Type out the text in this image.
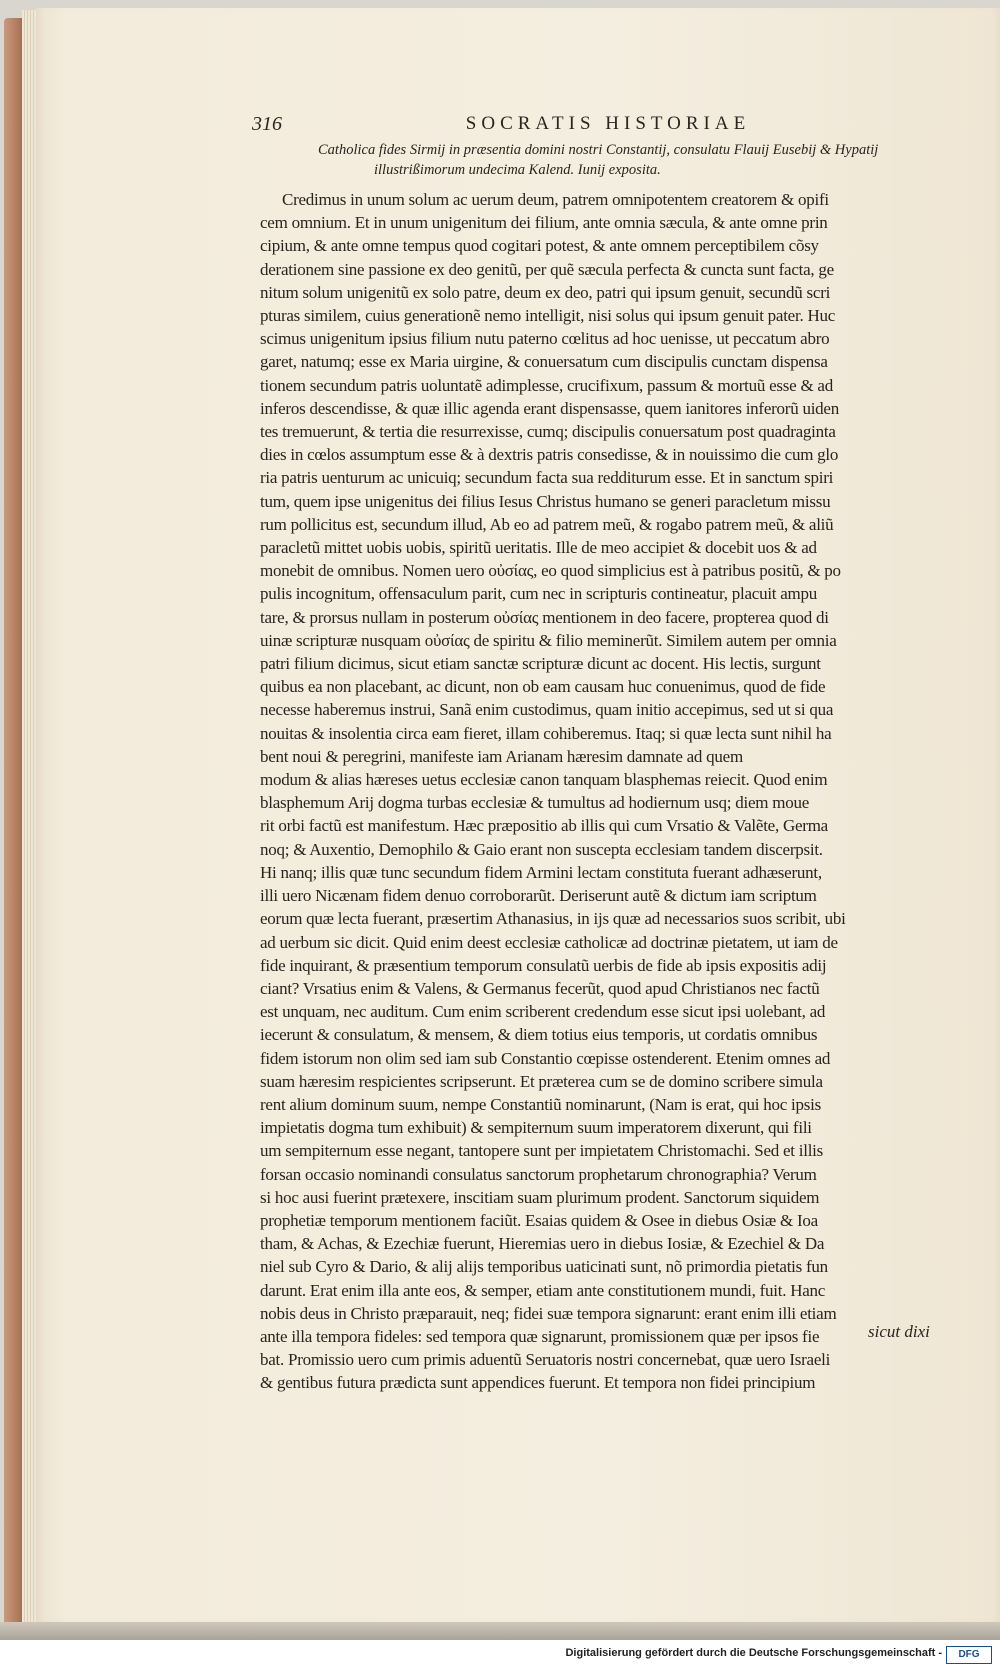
316	SOCRATIS HISTORIAE
Catholica fides Sirmij in præsentia domini nostri Constantij, consulatu Flauij Eusebij & Hypatij
illustrißimorum undecima Kalend. Iunij exposita.
Credimus in unum solum ac uerum deum, patrem omnipotentem creatorem & opifi
cem omnium. Et in unum unigenitum dei filium, ante omnia sæcula, & ante omne prin
cipium, & ante omne tempus quod cogitari potest, & ante omnem perceptibilem cõsy
derationem sine passione ex deo genitũ, per quẽ sæcula perfecta & cuncta sunt facta, ge
nitum solum unigenitũ ex solo patre, deum ex deo, patri qui ipsum genuit, secundũ scri
pturas similem, cuius generationẽ nemo intelligit, nisi solus qui ipsum genuit pater. Huc
scimus unigenitum ipsius filium nutu paterno cœlitus ad hoc uenisse, ut peccatum abro
garet, natumq; esse ex Maria uirgine, & conuersatum cum discipulis cunctam dispensa
tionem secundum patris uoluntatẽ adimplesse, crucifixum, passum & mortuũ esse & ad
inferos descendisse, & quæ illic agenda erant dispensasse, quem ianitores inferorũ uiden
tes tremuerunt, & tertia die resurrexisse, cumq; discipulis conuersatum post quadraginta
dies in cœlos assumptum esse & à dextris patris consedisse, & in nouissimo die cum glo
ria patris uenturum ac unicuiq; secundum facta sua redditurum esse. Et in sanctum spiri
tum, quem ipse unigenitus dei filius Iesus Christus humano se generi paracletum missu
rum pollicitus est, secundum illud, Ab eo ad patrem meũ, & rogabo patrem meũ, & aliũ
paracletũ mittet uobis uobis, spiritũ ueritatis. Ille de meo accipiet & docebit uos & ad
monebit de omnibus. Nomen uero οὐσίας, eo quod simplicius est à patribus positũ, & po
pulis incognitum, offensaculum parit, cum nec in scripturis contineatur, placuit ampu
tare, & prorsus nullam in posterum οὐσίας mentionem in deo facere, propterea quod di
uinæ scripturæ nusquam οὐσίας de spiritu & filio meminerũt. Similem autem per omnia
patri filium dicimus, sicut etiam sanctæ scripturæ dicunt ac docent. His lectis, surgunt
quibus ea non placebant, ac dicunt, non ob eam causam huc conuenimus, quod de fide
necesse haberemus instrui, Sanã enim custodimus, quam initio accepimus, sed ut si qua
nouitas & insolentia circa eam fieret, illam cohiberemus. Itaq; si quæ lecta sunt nihil ha
bent noui & peregrini, manifeste iam Arianam hæresim damnate ad quem
modum & alias hæreses uetus ecclesiæ canon tanquam blasphemas reiecit. Quod enim
blasphemum Arij dogma turbas ecclesiæ & tumultus ad hodiernum usq; diem moue
rit orbi factũ est manifestum. Hæc præpositio ab illis qui cum Vrsatio & Valẽte, Germa
noq; & Auxentio, Demophilo & Gaio erant non suscepta ecclesiam tandem discerpsit.
Hi nanq; illis quæ tunc secundum fidem Armini lectam constituta fuerant adhæserunt,
illi uero Nicænam fidem denuo corroborarũt. Deriserunt autẽ & dictum iam scriptum
eorum quæ lecta fuerant, præsertim Athanasius, in ijs quæ ad necessarios suos scribit, ubi
ad uerbum sic dicit. Quid enim deest ecclesiæ catholicæ ad doctrinæ pietatem, ut iam de
fide inquirant, & præsentium temporum consulatũ uerbis de fide ab ipsis expositis adij
ciant? Vrsatius enim & Valens, & Germanus fecerũt, quod apud Christianos nec factũ
est unquam, nec auditum. Cum enim scriberent credendum esse sicut ipsi uolebant, ad
iecerunt & consulatum, & mensem, & diem totius eius temporis, ut cordatis omnibus
fidem istorum non olim sed iam sub Constantio cœpisse ostenderent. Etenim omnes ad
suam hæresim respicientes scripserunt. Et præterea cum se de domino scribere simula
rent alium dominum suum, nempe Constantiũ nominarunt, (Nam is erat, qui hoc ipsis
impietatis dogma tum exhibuit) & sempiternum suum imperatorem dixerunt, qui fili
um sempiternum esse negant, tantopere sunt per impietatem Christomachi. Sed et illis
forsan occasio nominandi consulatus sanctorum prophetarum chronographia? Verum
si hoc ausi fuerint prætexere, inscitiam suam plurimum prodent. Sanctorum siquidem
prophetiæ temporum mentionem faciũt. Esaias quidem & Osee in diebus Osiæ & Ioa
tham, & Achas, & Ezechiæ fuerunt, Hieremias uero in diebus Iosiæ, & Ezechiel & Da
niel sub Cyro & Dario, & alij alijs temporibus uaticinati sunt, nõ primordia pietatis fun
darunt. Erat enim illa ante eos, & semper, etiam ante constitutionem mundi, fuit. Hanc
nobis deus in Christo præparauit, neq; fidei suæ tempora signarunt: erant enim illi etiam
ante illa tempora fideles: sed tempora quæ signarunt, promissionem quæ per ipsos fie
bat. Promissio uero cum primis aduentũ Seruatoris nostri concernebat, quæ uero Israeli
& gentibus futura prædicta sunt appendices fuerunt. Et tempora non fidei principium
sicut dixi
Digitalisierung gefördert durch die Deutsche Forschungsgemeinschaft -	DFG
